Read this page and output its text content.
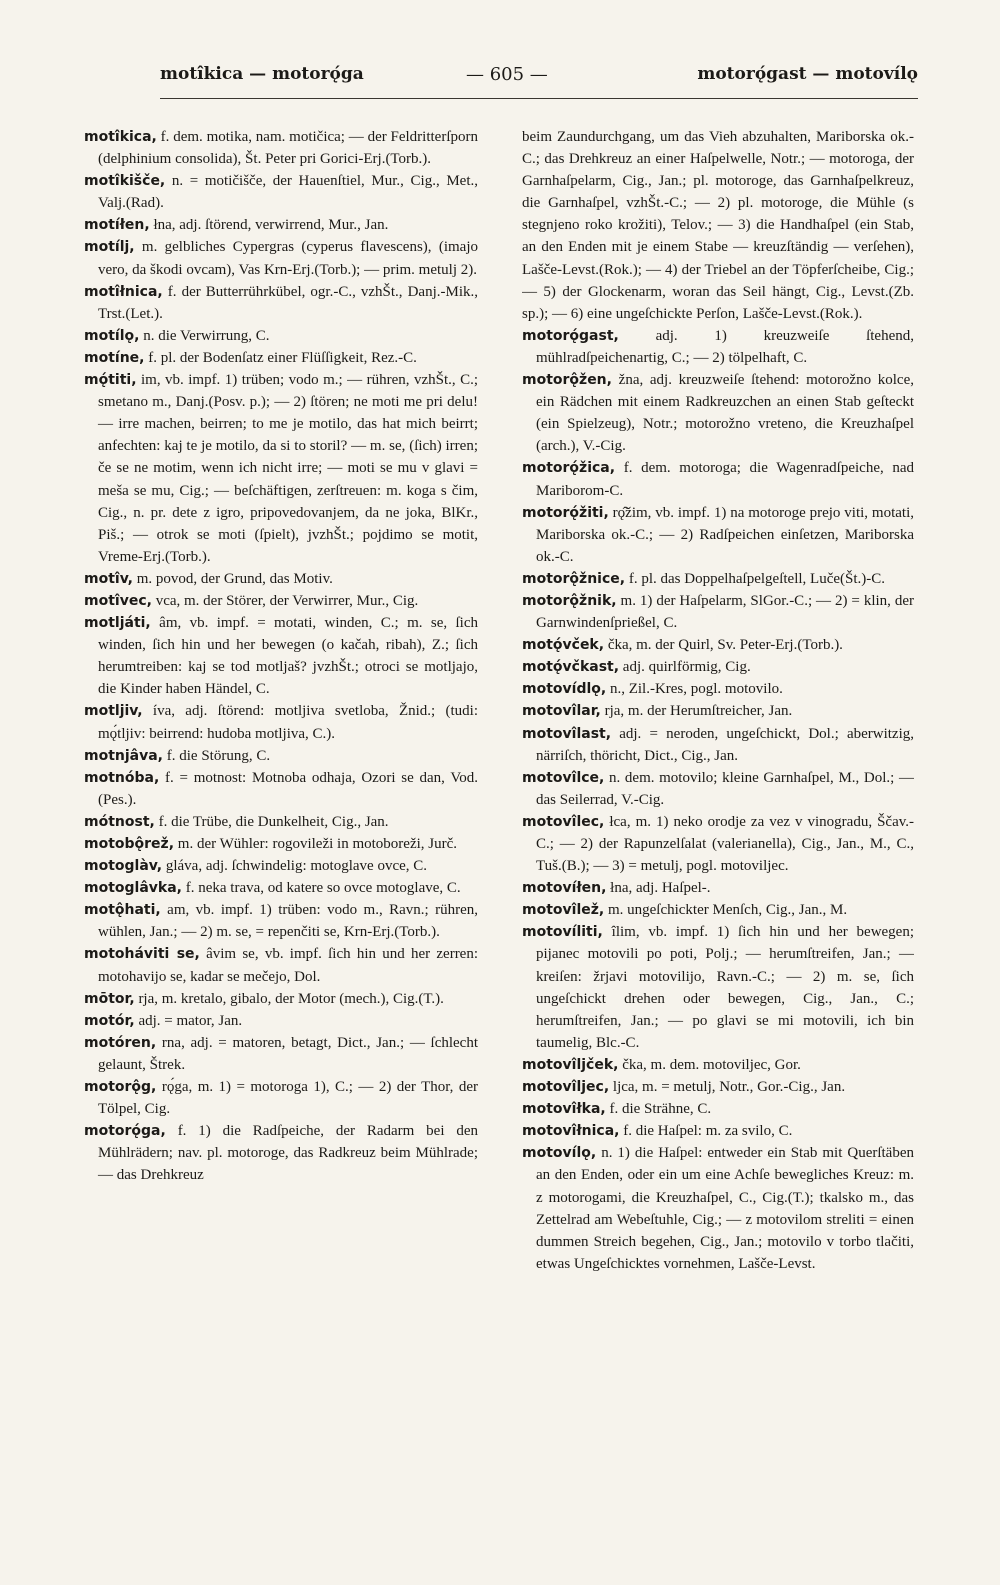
motîkica — motorǫ́ga	— 605 —	motorǫ́gast — motovílǫ
motîkica, f. dem. motika, nam. motičica; — der Feldritterſporn (delphinium consolida), Št. Peter pri Gorici-Erj.(Torb.).
motîkišče, n. = motičišče, der Hauenſtiel, Mur., Cig., Met., Valj.(Rad).
motíłen, łna, adj. ſtörend, verwirrend, Mur., Jan.
motílj, m. gelbliches Cypergras (cyperus flavescens), (imajo vero, da škodi ovcam), Vas Krn-Erj.(Torb.); — prim. metulj 2).
motîłnica, f. der Butterrührkübel, ogr.-C., vzhŠt., Danj.-Mik., Trst.(Let.).
motílǫ, n. die Verwirrung, C.
motíne, f. pl. der Bodenſatz einer Flüſſigkeit, Rez.-C.
mǫ́titi, im, vb. impf. 1) trüben; vodo m.; — rühren, vzhŠt., C.; smetano m., Danj.(Posv. p.); — 2) ſtören; ne moti me pri delu! — irre machen, beirren; to me je motilo, das hat mich beirrt; anfechten: kaj te je motilo, da si to storil? — m. se, (ſich) irren; če se ne motim, wenn ich nicht irre; — moti se mu v glavi = meša se mu, Cig.; — beſchäftigen, zerſtreuen: m. koga s čim, Cig., n. pr. dete z igro, pripovedovanjem, da ne joka, BlKr., Piš.; — otrok se moti (ſpielt), jvzhŠt.; pojdimo se motit, Vreme-Erj.(Torb.).
motîv, m. povod, der Grund, das Motiv.
motîvec, vca, m. der Störer, der Verwirrer, Mur., Cig.
motljáti, âm, vb. impf. = motati, winden, C.; m. se, ſich winden, ſich hin und her bewegen (o kačah, ribah), Z.; ſich herumtreiben: kaj se tod motljaš? jvzhŠt.; otroci se motljajo, die Kinder haben Händel, C.
motljiv, íva, adj. ſtörend: motljiva svetloba, Žnid.; (tudi: mǫ́tljiv: beirrend: hudoba motljiva, C.).
motnjâva, f. die Störung, C.
motnóba, f. = motnost: Motnoba odhaja, Ozori se dan, Vod.(Pes.).
mótnost, f. die Trübe, die Dunkelheit, Cig., Jan.
motobǫ̂rež, m. der Wühler: rogovileži in motoboreži, Jurč.
motoglàv, gláva, adj. ſchwindelig: motoglave ovce, C.
motoglâvka, f. neka trava, od katere so ovce motoglave, C.
motǫ̂hati, am, vb. impf. 1) trüben: vodo m., Ravn.; rühren, wühlen, Jan.; — 2) m. se, = repenčiti se, Krn-Erj.(Torb.).
motoháviti se, âvim se, vb. impf. ſich hin und her zerren: motohavijo se, kadar se mečejo, Dol.
mōtor, rja, m. kretalo, gibalo, der Motor (mech.), Cig.(T.).
motór, adj. = mator, Jan.
motóren, rna, adj. = matoren, betagt, Dict., Jan.; — ſchlecht gelaunt, Štrek.
motorǫ̂g, rǫ́ga, m. 1) = motoroga 1), C.; — 2) der Thor, der Tölpel, Cig.
motorǫ́ga, f. 1) die Radſpeiche, der Radarm bei den Mühlrädern; nav. pl. motoroge, das Radkreuz beim Mühlrade; — das Drehkreuz
beim Zaundurchgang, um das Vieh abzuhalten, Mariborska ok.-C.; das Drehkreuz an einer Haſpelwelle, Notr.; — motoroga, der Garnhaſpelarm, Cig., Jan.; pl. motoroge, das Garnhaſpelkreuz, die Garnhaſpel, vzhŠt.-C.; — 2) pl. motoroge, die Mühle (s stegnjeno roko krožiti), Telov.; — 3) die Handhaſpel (ein Stab, an den Enden mit je einem Stabe — kreuzſtändig — verſehen), Lašče-Levst.(Rok.); — 4) der Triebel an der Töpferſcheibe, Cig.; — 5) der Glockenarm, woran das Seil hängt, Cig., Levst.(Zb. sp.); — 6) eine ungeſchickte Perſon, Lašče-Levst.(Rok.).
motorǫ́gast, adj. 1) kreuzweiſe ſtehend, mühlradſpeichenartig, C.; — 2) tölpelhaft, C.
motorǫ̂žen, žna, adj. kreuzweiſe ſtehend: motorožno kolce, ein Rädchen mit einem Radkreuzchen an einen Stab geſteckt (ein Spielzeug), Notr.; motorožno vreteno, die Kreuzhaſpel (arch.), V.-Cig.
motorǫ́žica, f. dem. motoroga; die Wagenradſpeiche, nad Mariborom-C.
motorǫ́žiti, rǫ̂žim, vb. impf. 1) na motoroge prejo viti, motati, Mariborska ok.-C.; — 2) Radſpeichen einſetzen, Mariborska ok.-C.
motorǫ̂žnice, f. pl. das Doppelhaſpelgeſtell, Luče(Št.)-C.
motorǫ̂žnik, m. 1) der Haſpelarm, SlGor.-C.; — 2) = klin, der Garnwindenſprießel, C.
motǫ́vček, čka, m. der Quirl, Sv. Peter-Erj.(Torb.).
motǫ́včkast, adj. quirlförmig, Cig.
motovídlǫ, n., Zil.-Kres, pogl. motovilo.
motovîlar, rja, m. der Herumſtreicher, Jan.
motovîlast, adj. = neroden, ungeſchickt, Dol.; aberwitzig, närriſch, thöricht, Dict., Cig., Jan.
motovîlce, n. dem. motovilo; kleine Garnhaſpel, M., Dol.; — das Seilerrad, V.-Cig.
motovîlec, łca, m. 1) neko orodje za vez v vinogradu, Ščav.-C.; — 2) der Rapunzelſalat (valerianella), Cig., Jan., M., C., Tuš.(B.); — 3) = metulj, pogl. motoviljec.
motovíłen, łna, adj. Haſpel-.
motovîlež, m. ungeſchickter Menſch, Cig., Jan., M.
motovíliti, îlim, vb. impf. 1) ſich hin und her bewegen; pijanec motovili po poti, Polj.; — herumſtreifen, Jan.; — kreiſen: žrjavi motovilijo, Ravn.-C.; — 2) m. se, ſich ungeſchickt drehen oder bewegen, Cig., Jan., C.; herumſtreifen, Jan.; — po glavi se mi motovili, ich bin taumelig, Blc.-C.
motovîljček, čka, m. dem. motoviljec, Gor.
motovîljec, ljca, m. = metulj, Notr., Gor.-Cig., Jan.
motovîłka, f. die Strähne, C.
motovîłnica, f. die Haſpel: m. za svilo, C.
motovílǫ, n. 1) die Haſpel: entweder ein Stab mit Querſtäben an den Enden, oder ein um eine Achſe bewegliches Kreuz: m. z motorogami, die Kreuzhaſpel, C., Cig.(T.); tkalsko m., das Zettelrad am Webeſtuhle, Cig.; — z motovilom streliti = einen dummen Streich begehen, Cig., Jan.; motovilo v torbo tlačiti, etwas Ungeſchicktes vornehmen, Lašče-Levst.
